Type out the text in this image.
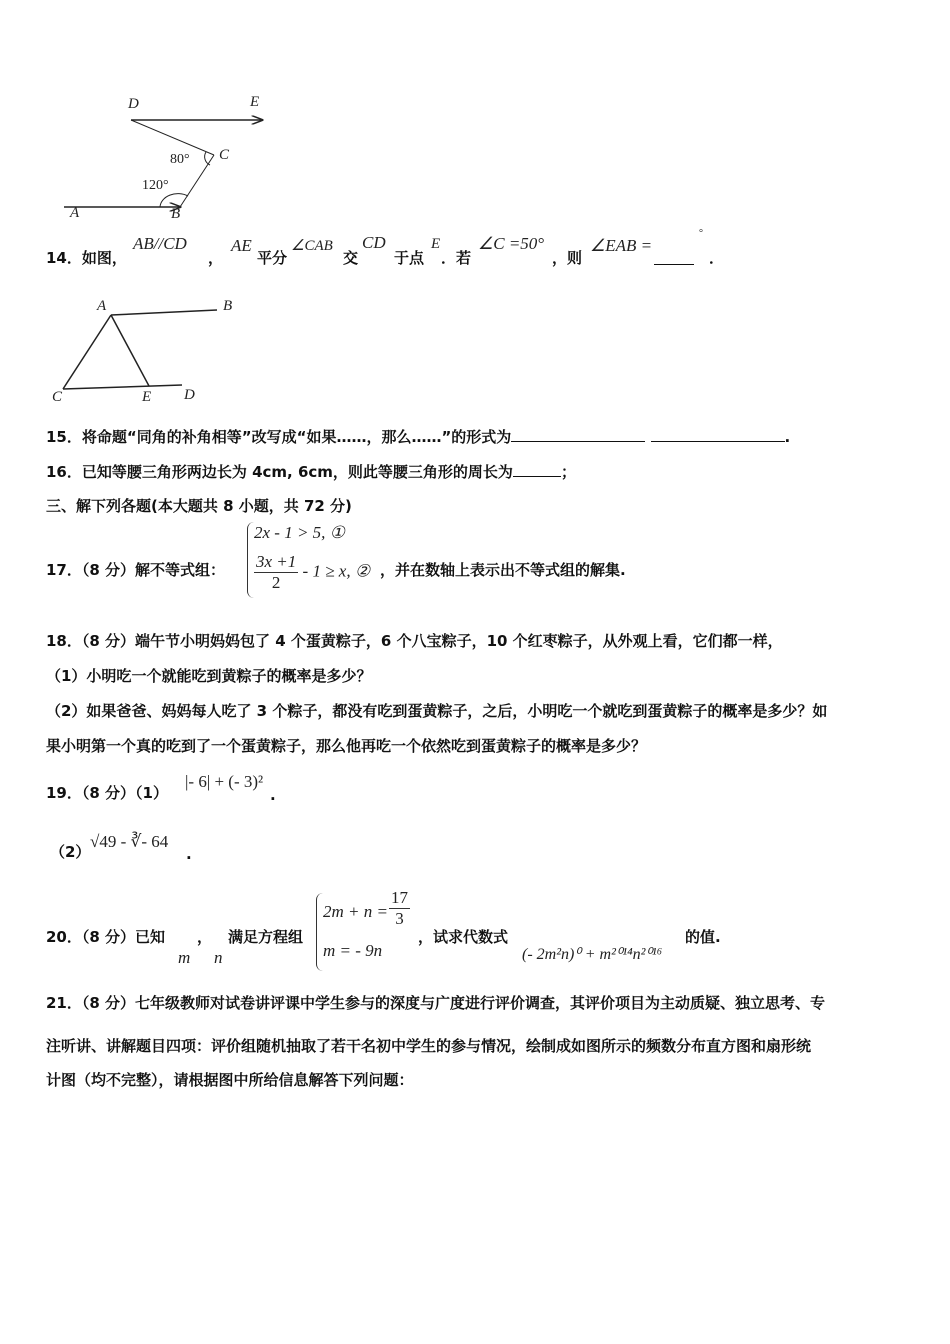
D	E
C
B
A
80°
120°
14．如图，
AB//CD
，
AE
平分
∠CAB
交
CD
于点
E
．若
∠C =50°
，则
∠EAB =
°
．
A	B
C	E D
15．将命题“同角的补角相等”改写成“如果……，那么……”的形式为	.
16．已知等腰三角形两边长为 4cm, 6cm，则此等腰三角形的周长为	；
三、解下列各题(本大题共 8 小题，共 72 分)
17．（8 分）解不等式组：
2x - 1 > 5, ①
$\frac{3x +1}{2} - 1 \ge x$, ② ，并在数轴上表示出不等式组的解集.
18．（8 分）端午节小明妈妈包了 4 个蛋黄粽子，6 个八宝粽子，10 个红枣粽子，从外观上看，它们都一样，
（1）小明吃一个就能吃到黄粽子的概率是多少？
（2）如果爸爸、妈妈每人吃了 3 个粽子，都没有吃到蛋黄粽子，之后，小明吃一个就吃到蛋黄粽子的概率是多少？如
果小明第一个真的吃到了一个蛋黄粽子，那么他再吃一个依然吃到蛋黄粽子的概率是多少？
19．（8 分）（1）
|- 6| + (- 3)²
.
（2）
√49 - ∛- 64
.
20．（8 分）已知
m
，
n
满足方程组
$2m + n = \frac{17}{3}$
m = - 9n
，试求代数式
(- 2m²n)⁰ + m²⁰¹⁴n²⁰¹⁶
的值.
21．（8 分）七年级教师对试卷讲评课中学生参与的深度与广度进行评价调查，其评价项目为主动质疑、独立思考、专
注听讲、讲解题目四项：评价组随机抽取了若干名初中学生的参与情况，绘制成如图所示的频数分布直方图和扇形统
计图（均不完整），请根据图中所给信息解答下列问题：
